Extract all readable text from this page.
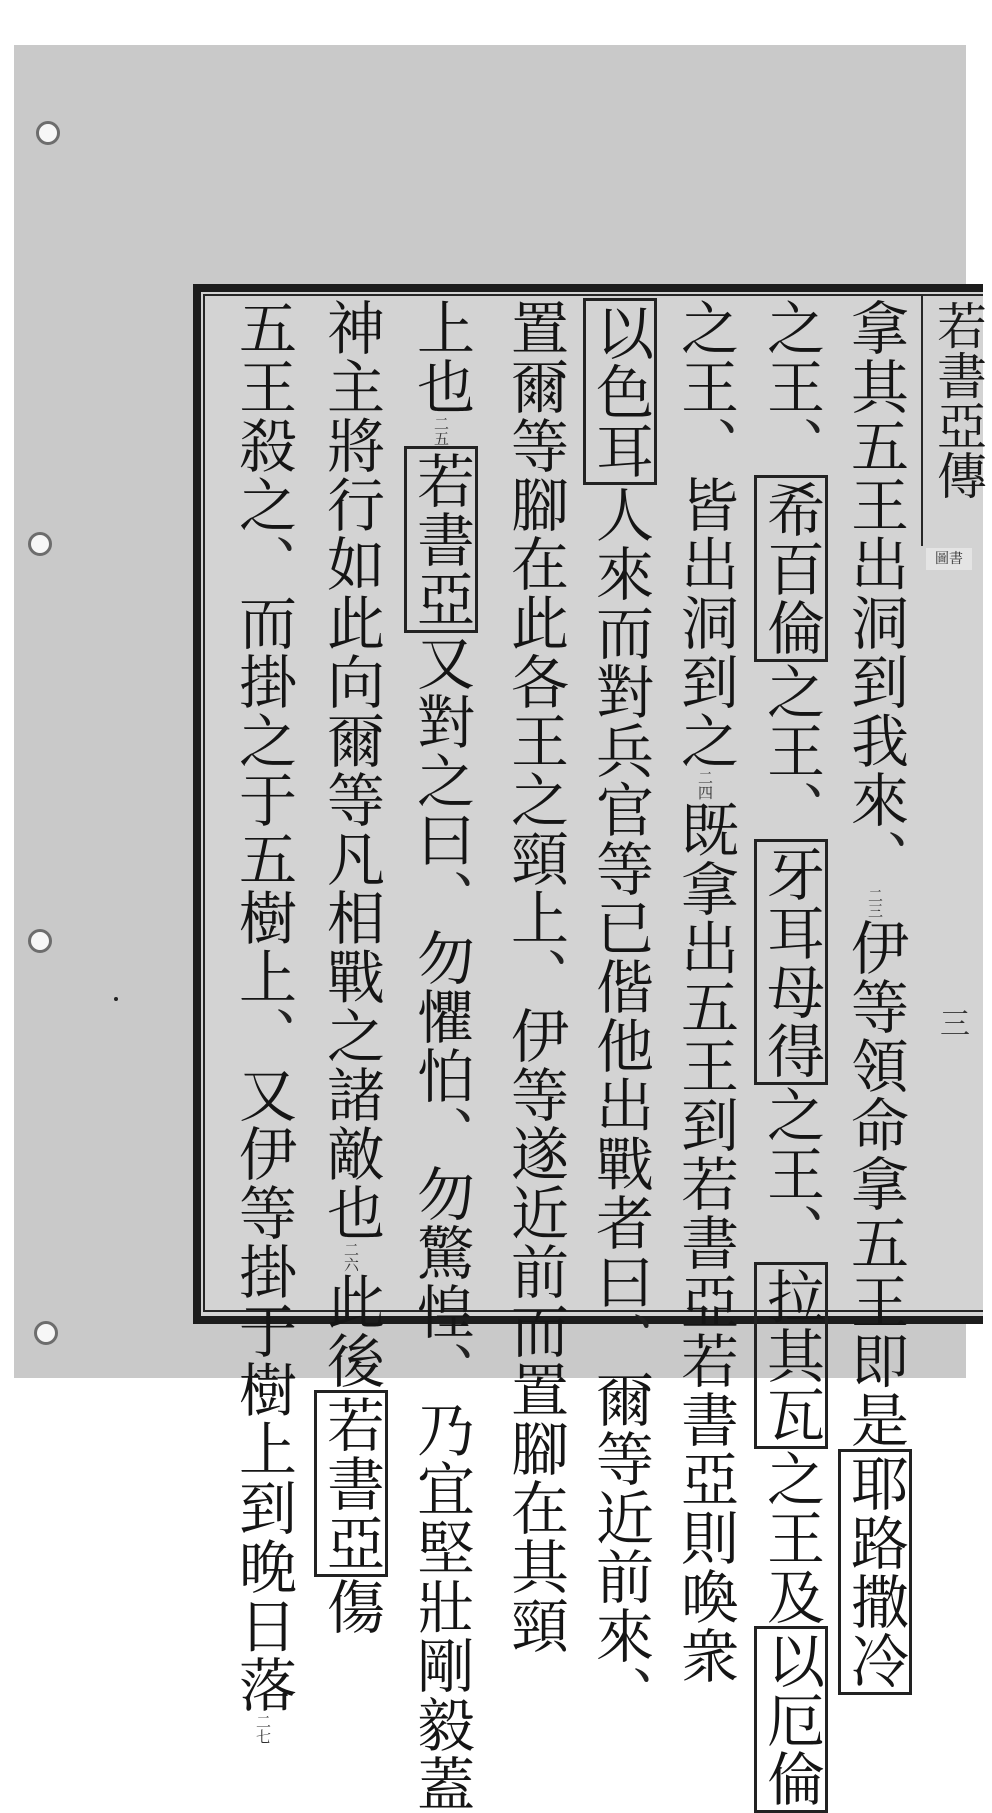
若書亞傳
圖書
拿其五王出洞到我來、二三伊等領命拿五王即是耶路撒冷
之王、希百倫之王、牙耳母得之王、拉其瓦之王及以厄倫
之王、皆出洞到之二四既拿出五王到若書亞若書亞則喚衆
以色耳人來而對兵官等已偕他出戰者曰、爾等近前來、
置爾等腳在此各王之頸上、伊等遂近前而置腳在其頸
上也二五若書亞又對之曰、勿懼怕、勿驚惶、乃宜堅壯剛毅蓋
神主將行如此向爾等凡相戰之諸敵也二六此後若書亞傷
五王殺之、而掛之于五樹上、又伊等掛于樹上到晚日落二七
三
